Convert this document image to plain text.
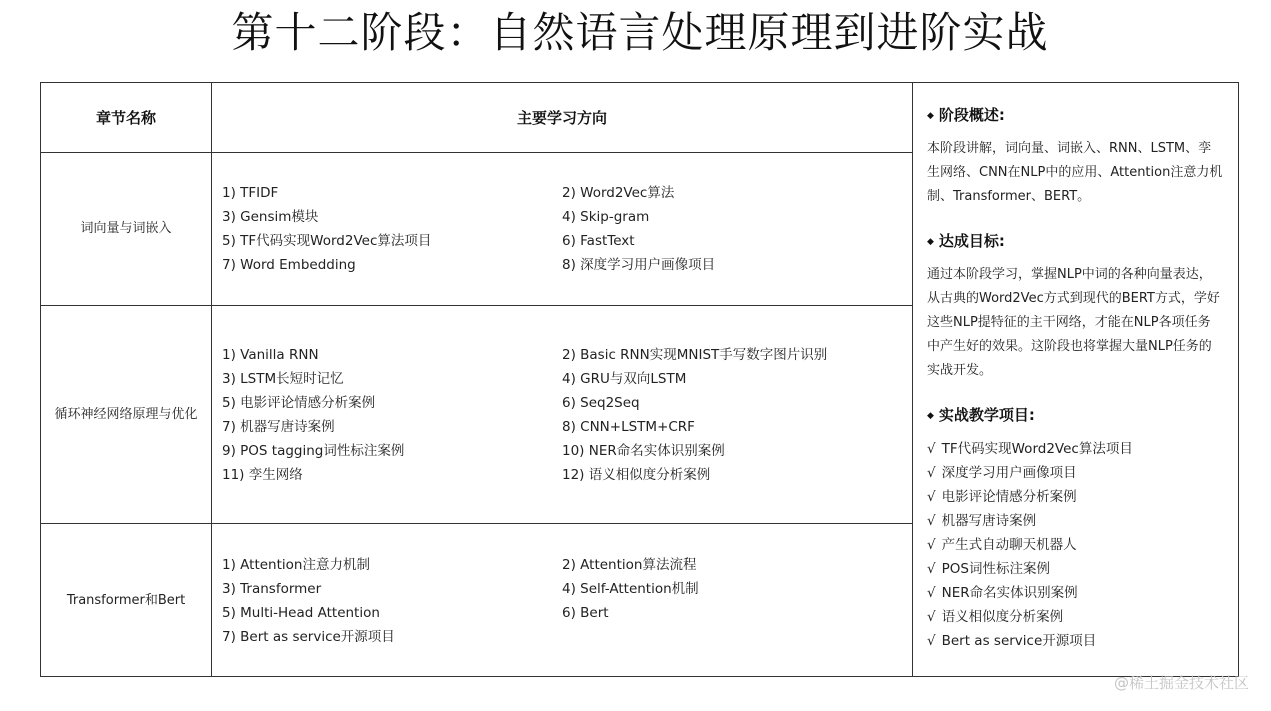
第十二阶段：自然语言处理原理到进阶实战
章节名称	主要学习方向
词向量与词嵌入
1) TFIDF	2) Word2Vec算法
3) Gensim模块	4) Skip-gram
5) TF代码实现Word2Vec算法项目	6) FastText
7) Word Embedding	8) 深度学习用户画像项目
循环神经网络原理与优化
1) Vanilla RNN	2) Basic RNN实现MNIST手写数字图片识别
3) LSTM长短时记忆	4) GRU与双向LSTM
5) 电影评论情感分析案例	6) Seq2Seq
7) 机器写唐诗案例	8) CNN+LSTM+CRF
9) POS tagging词性标注案例	10) NER命名实体识别案例
11) 孪生网络	12) 语义相似度分析案例
Transformer和Bert
1) Attention注意力机制	2) Attention算法流程
3) Transformer	4) Self-Attention机制
5) Multi-Head Attention	6) Bert
7) Bert as service开源项目
◆ 阶段概述:
本阶段讲解，词向量、词嵌入、RNN、LSTM、孪生网络、CNN在NLP中的应用、Attention注意力机制、Transformer、BERT。
◆ 达成目标:
通过本阶段学习，掌握NLP中词的各种向量表达，从古典的Word2Vec方式到现代的BERT方式，学好这些NLP提特征的主干网络，才能在NLP各项任务中产生好的效果。这阶段也将掌握大量NLP任务的实战开发。
◆ 实战教学项目:
√ TF代码实现Word2Vec算法项目
√ 深度学习用户画像项目
√ 电影评论情感分析案例
√ 机器写唐诗案例
√ 产生式自动聊天机器人
√ POS词性标注案例
√ NER命名实体识别案例
√ 语义相似度分析案例
√ Bert as service开源项目
@稀土掘金技术社区
